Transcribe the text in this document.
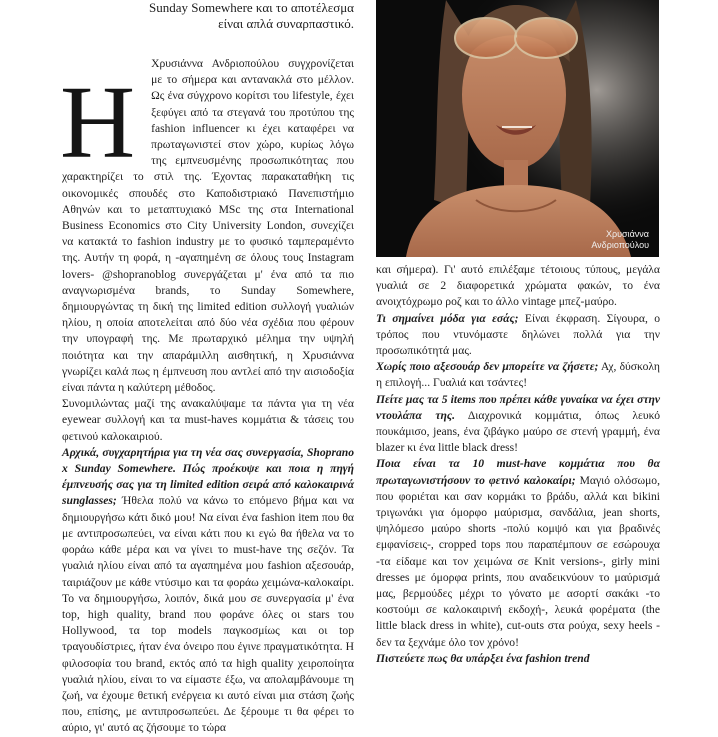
Sunday Somewhere και το αποτέλεσμα

είναι απλά συναρπαστικό.

Η

Χρυσιάννα Ανδριοπούλου συγχρονίζεται με το σήμερα και αντανακλά στο μέλλον. Ως ένα σύγχρονο κορίτσι του lifestyle, έχει ξεφύγει από τα στεγανά του προτύπου της fashion influencer κι έχει καταφέρει να πρωταγωνιστεί στον χώρο, κυρίως λόγω της εμπνευσμένης προσωπικότητας που χαρακτηρίζει το στιλ της. Έχοντας παρακαταθήκη τις οικονομικές σπουδές στο Καποδιστριακό Πανεπιστήμιο Αθηνών και το μεταπτυχιακό MSc της στα International Business Economics στο City University London, συνεχίζει να κατακτά το fashion industry με το φυσικό ταμπεραμέντο της. Αυτήν τη φορά, η -αγαπημένη σε όλους τους Instagram lovers- @shopranoblog συνεργάζεται μ' ένα από τα πιο αναγνωρισμένα brands, το Sunday Somewhere, δημιουργώντας τη δική της limited edition συλλογή γυαλιών ηλίου, η οποία αποτελείται από δύο νέα σχέδια που φέρουν την υπογραφή της. Με πρωταρχικό μέλημα την υψηλή ποιότητα και την απαράμιλλη αισθητική, η Χρυσιάννα γνωρίζει καλά πως η έμπνευση που αντλεί από την αισιοδοξία είναι πάντα η καλύτερη μέθοδος.

Συνομιλώντας μαζί της ανακαλύψαμε τα πάντα για τη νέα eyewear συλλογή και τα must-haves κομμάτια & τάσεις του φετινού καλοκαιριού.

Αρχικά, συγχαρητήρια για τη νέα σας συνεργασία, Shoprano x Sunday Somewhere. Πώς προέκυψε και ποια η πηγή έμπνευσής σας για τη limited edition σειρά από καλοκαιρινά sunglasses; Ήθελα πολύ να κάνω το επόμενο βήμα και να δημιουργήσω κάτι δικό μου! Να είναι ένα fashion item που θα με αντιπροσωπεύει, να είναι κάτι που κι εγώ θα ήθελα να το φοράω κάθε μέρα και να γίνει το must-have της σεζόν. Τα γυαλιά ηλίου είναι από τα αγαπημένα μου fashion αξεσουάρ, ταιριάζουν με κάθε ντύσιμο και τα φοράω χειμώνα-καλοκαίρι. Το να δημιουργήσω, λοιπόν, δικά μου σε συνεργασία μ' ένα top, high quality, brand που φοράνε όλες οι stars του Hollywood, τα top models παγκοσμίως και οι top τραγουδίστριες, ήταν ένα όνειρο που έγινε πραγματικότητα. Η φιλοσοφία του brand, εκτός από τα high quality χειροποίητα γυαλιά ηλίου, είναι το να είμαστε έξω, να απολαμβάνουμε τη ζωή, να έχουμε θετική ενέργεια κι αυτό είναι μια στάση ζωής που, επίσης, με αντιπροσωπεύει. Δε ξέρουμε τι θα φέρει το αύριο, γι' αυτό ας ζήσουμε το τώρα

Χρυσιάννα
Ανδριοπούλου

και σήμερα). Γι' αυτό επιλέξαμε τέτοιους τύπους, μεγάλα γυαλιά σε 2 διαφορετικά χρώματα φακών, το ένα ανοιχτόχρωμο ροζ και το άλλο vintage μπεζ-μαύρο.

Τι σημαίνει μόδα για εσάς; Είναι έκφραση. Σίγουρα, ο τρόπος που ντυνόμαστε δηλώνει πολλά για την προσωπικότητά μας.

Χωρίς ποιο αξεσουάρ δεν μπορείτε να ζήσετε; Αχ, δύσκολη η επιλογή... Γυαλιά και τσάντες!

Πείτε μας τα 5 items που πρέπει κάθε γυναίκα να έχει στην ντουλάπα της. Διαχρονικά κομμάτια, όπως λευκό πουκάμισο, jeans, ένα ζιβάγκο μαύρο σε στενή γραμμή, ένα blazer κι ένα little black dress!

Ποια είναι τα 10 must-have κομμάτια που θα πρωταγωνιστήσουν το φετινό καλοκαίρι; Μαγιό ολόσωμο, που φοριέται και σαν κορμάκι το βράδυ, αλλά και bikini τριγωνάκι για όμορφο μαύρισμα, σανδάλια, jean shorts, ψηλόμεσο μαύρο shorts -πολύ κομψό και για βραδινές εμφανίσεις-, cropped tops που παραπέμπουν σε εσώρουχα -τα είδαμε και τον χειμώνα σε Knit versions-, girly mini dresses με όμορφα prints, που αναδεικνύουν το μαύρισμά μας, βερμούδες μέχρι το γόνατο με ασορτί σακάκι -το κοστούμι σε καλοκαιρινή εκδοχή-, λευκά φορέματα (the little black dress in white), cut-outs στα ρούχα, sexy heels - δεν τα ξεχνάμε όλο τον χρόνο!

Πιστεύετε πως θα υπάρξει ένα fashion trend
